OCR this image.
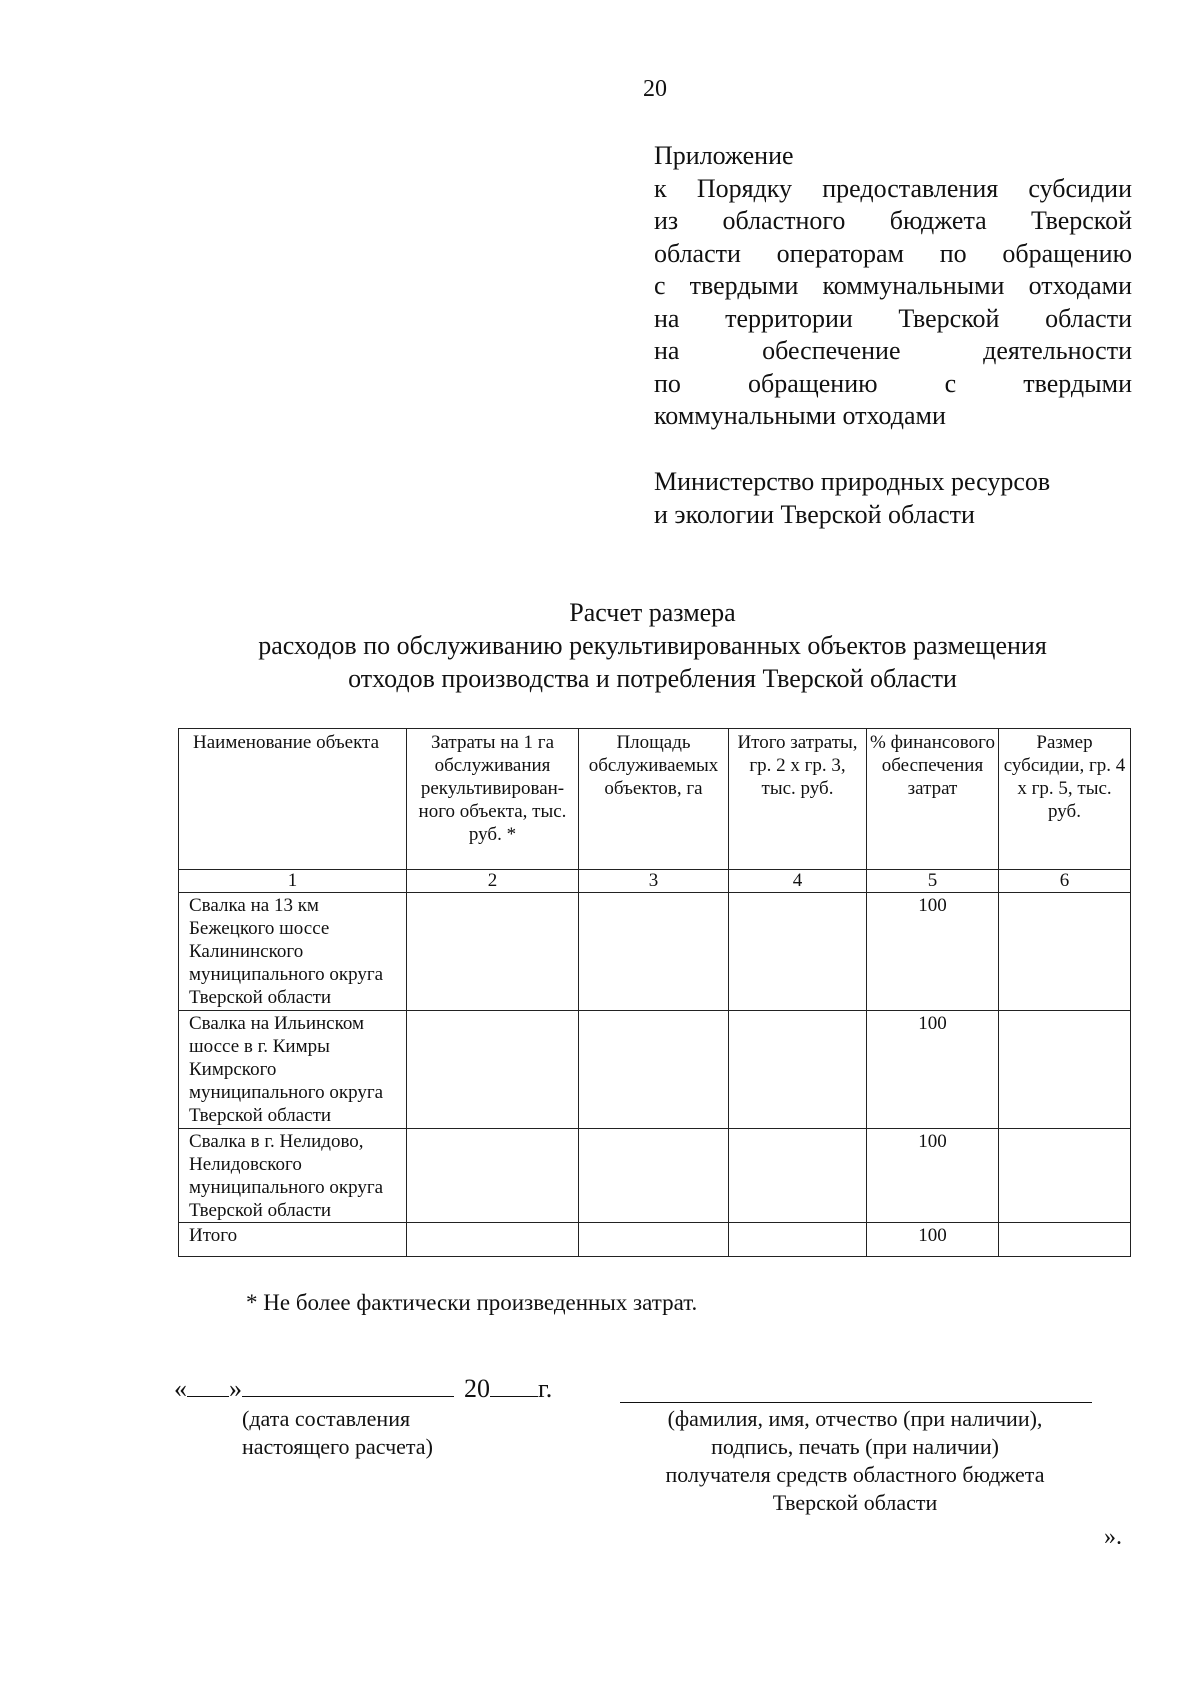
20
Приложение
к Порядку предоставления субсидии
из областного бюджета Тверской
области операторам по обращению
с твердыми коммунальными отходами
на территории Тверской области
на обеспечение деятельности
по обращению с твердыми
коммунальными отходами
Министерство природных ресурсов
и экологии Тверской области
Расчет размера
расходов по обслуживанию рекультивированных объектов размещения
отходов производства и потребления Тверской области
Наименование объекта	Затраты на 1 га обслуживания рекультивирован-ного объекта, тыс. руб. *	Площадь обслуживаемых объектов, га	Итого затраты, гр. 2 х гр. 3, тыс. руб.	% финансового обеспечения затрат	Размер субсидии, гр. 4 х гр. 5, тыс. руб.
1	2	3	4	5	6
Свалка на 13 км Бежецкого шоссе Калининского муниципального округа Тверской области				100	
Свалка на Ильинском шоссе в г. Кимры Кимрского муниципального округа Тверской области				100	
Свалка в г. Нелидово, Нелидовского муниципального округа Тверской области				100	
Итого				100	
* Не более фактически произведенных затрат.
« »	20 г.
(дата составления
настоящего расчета)
(фамилия, имя, отчество (при наличии),
подпись, печать (при наличии)
получателя средств областного бюджета
Тверской области
».
